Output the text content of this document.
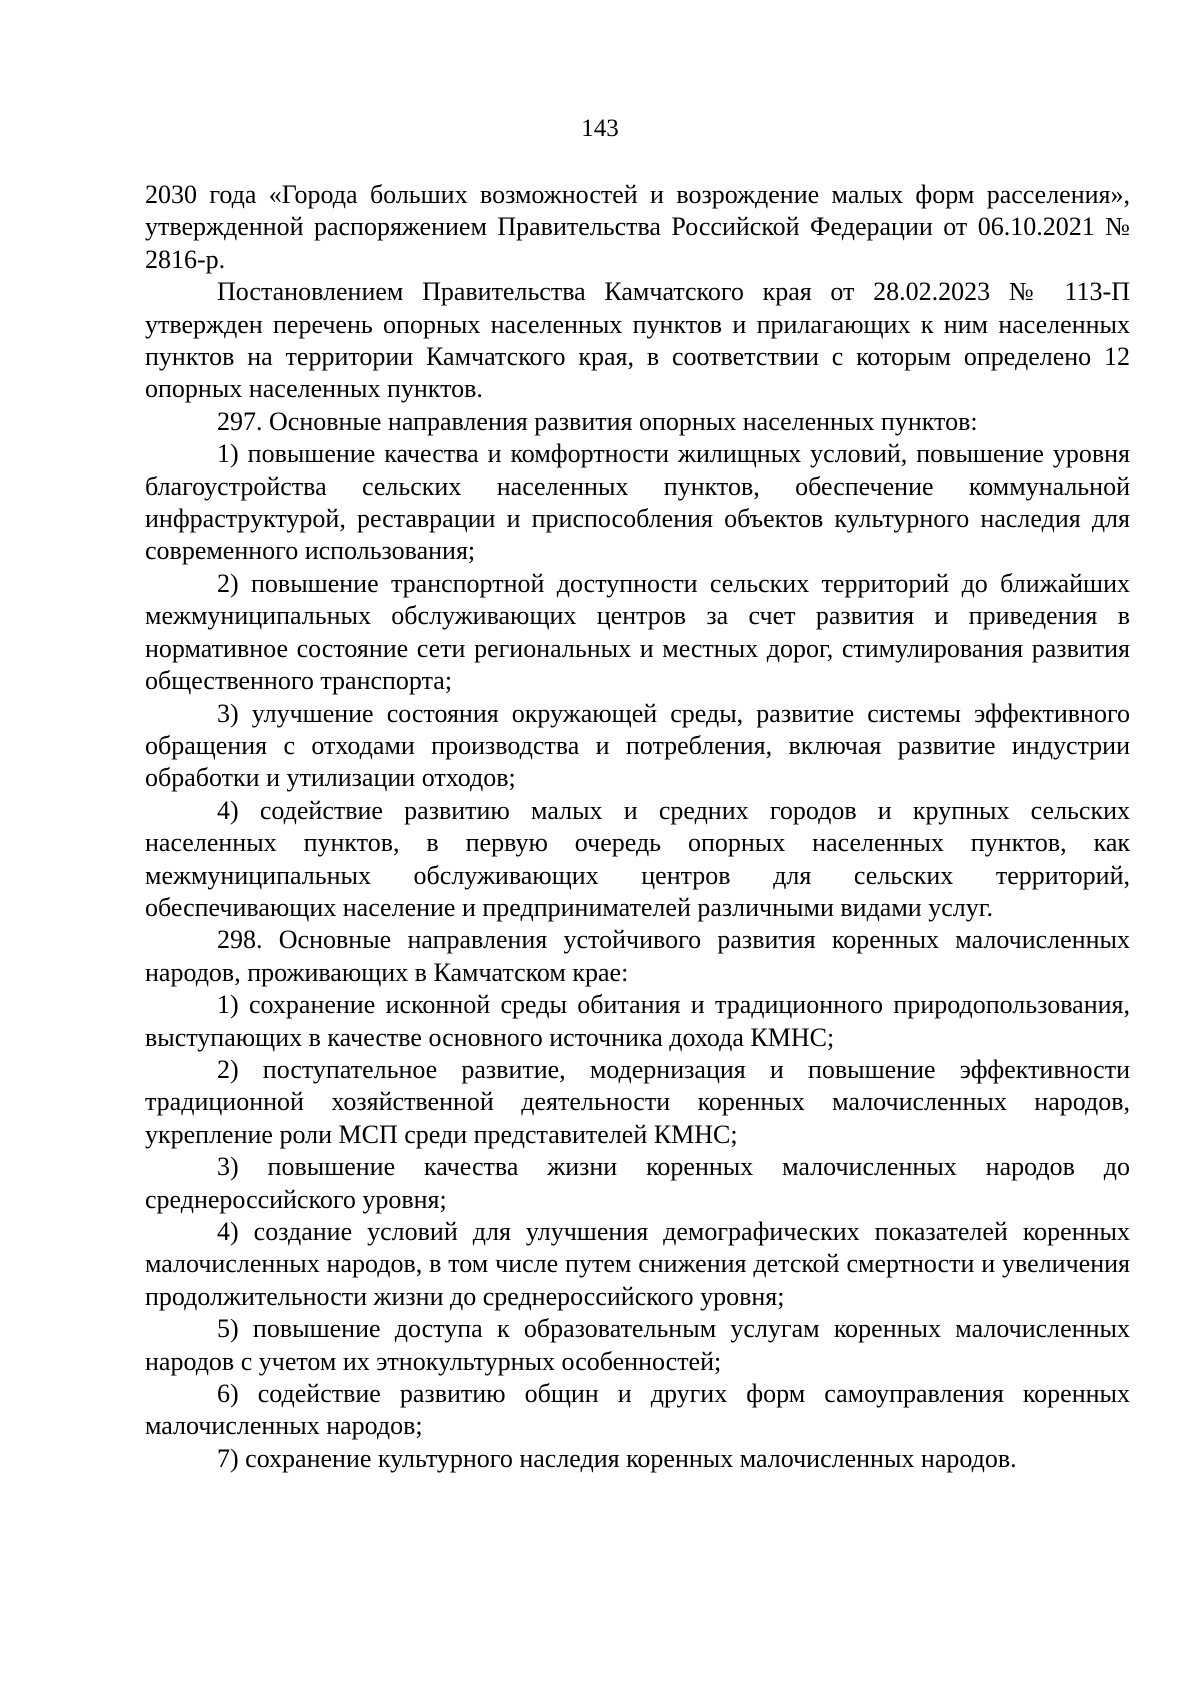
143

2030 года «Города больших возможностей и возрождение малых форм расселения», утвержденной распоряжением Правительства Российской Федерации от 06.10.2021 № 2816-р.

Постановлением Правительства Камчатского края от 28.02.2023 № 113-П утвержден перечень опорных населенных пунктов и прилагающих к ним населенных пунктов на территории Камчатского края, в соответствии с которым определено 12 опорных населенных пунктов.

297. Основные направления развития опорных населенных пунктов:

1) повышение качества и комфортности жилищных условий, повышение уровня благоустройства сельских населенных пунктов, обеспечение коммунальной инфраструктурой, реставрации и приспособления объектов культурного наследия для современного использования;

2) повышение транспортной доступности сельских территорий до ближайших межмуниципальных обслуживающих центров за счет развития и приведения в нормативное состояние сети региональных и местных дорог, стимулирования развития общественного транспорта;

3) улучшение состояния окружающей среды, развитие системы эффективного обращения с отходами производства и потребления, включая развитие индустрии обработки и утилизации отходов;

4) содействие развитию малых и средних городов и крупных сельских населенных пунктов, в первую очередь опорных населенных пунктов, как межмуниципальных обслуживающих центров для сельских территорий, обеспечивающих население и предпринимателей различными видами услуг.

298. Основные направления устойчивого развития коренных малочисленных народов, проживающих в Камчатском крае:

1) сохранение исконной среды обитания и традиционного природопользования, выступающих в качестве основного источника дохода КМНС;

2) поступательное развитие, модернизация и повышение эффективности традиционной хозяйственной деятельности коренных малочисленных народов, укрепление роли МСП среди представителей КМНС;

3) повышение качества жизни коренных малочисленных народов до среднероссийского уровня;

4) создание условий для улучшения демографических показателей коренных малочисленных народов, в том числе путем снижения детской смертности и увеличения продолжительности жизни до среднероссийского уровня;

5) повышение доступа к образовательным услугам коренных малочисленных народов с учетом их этнокультурных особенностей;

6) содействие развитию общин и других форм самоуправления коренных малочисленных народов;

7) сохранение культурного наследия коренных малочисленных народов.
